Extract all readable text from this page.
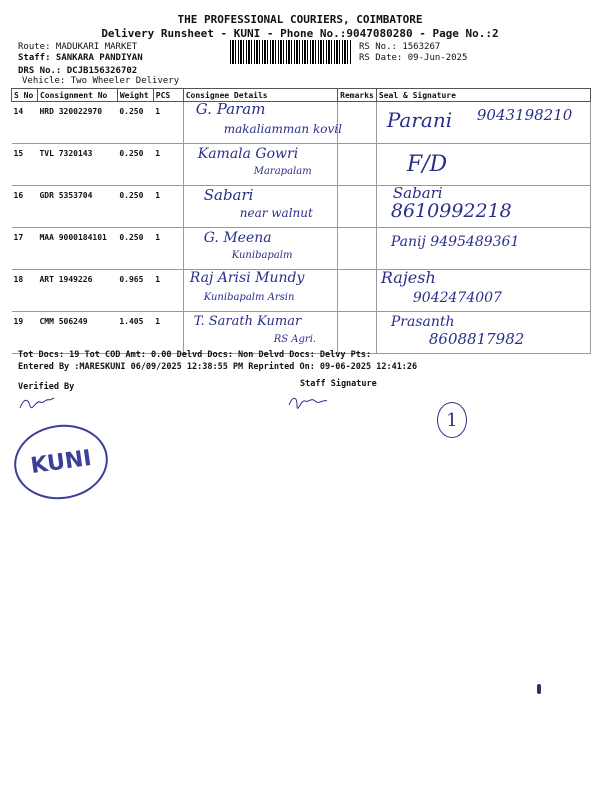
THE PROFESSIONAL COURIERS, COIMBATORE
Delivery Runsheet - KUNI - Phone No.:9047080280 - Page No.:2
Route: MADUKARI MARKET
Staff: SANKARA PANDIYAN
DRS No.: DCJB156326702
Vehicle: Two Wheeler Delivery
RS No.: 1563267
RS Date: 09-Jun-2025
S No	Consignment No	Weight	PCS	Consignee Details	Remarks	Seal & Signature

14	HRD 320022970	0.250	1	G. Param
makaliamman kovil		Parani 9043198210

15	TVL 7320143	0.250	1	Kamala Gowri
Marapalam		F/D

16	GDR 5353704	0.250	1	Sabari
near walnut		Sabari
8610992218

17	MAA 9000184101	0.250	1	G. Meena
Kunibapalm		Panij 9495489361

18	ART 1949226	0.965	1	Raj Arisi Mundy
Kunibapalm Arsin		Rajesh
9042474007

19	CMM 506249	1.405	1	T. Sarath Kumar
RS Agri.		Prasanth
8608817982
Tot Docs: 19 Tot COD Amt: 0.00 Delvd Docs: Non Delvd Docs: Delvy Pts:
Entered By :MARESKUNI 06/09/2025 12:38:55 PM Reprinted On: 09-06-2025 12:41:26
Verified By	Staff Signature
KUNI
1
